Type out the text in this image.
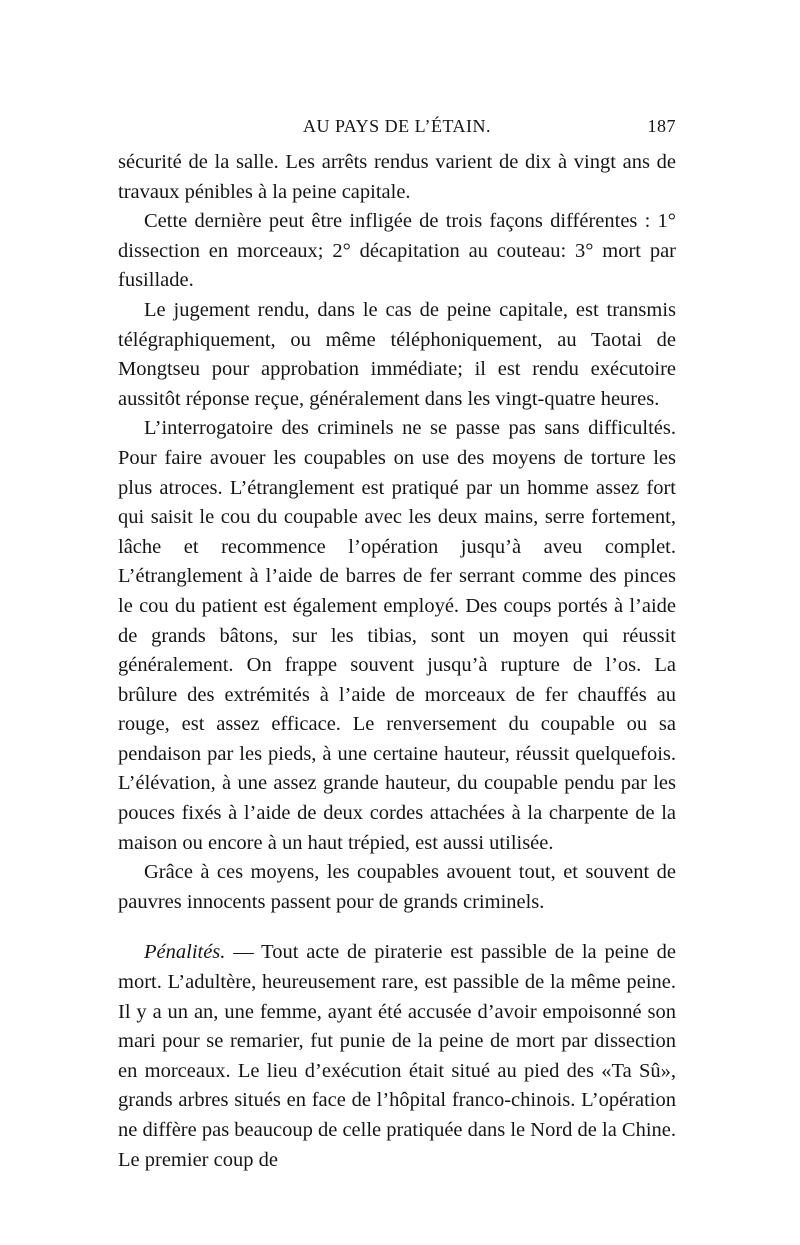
AU PAYS DE L’ÉTAIN.	187

sécurité de la salle. Les arrêts rendus varient de dix à vingt ans de travaux pénibles à la peine capitale.

Cette dernière peut être infligée de trois façons différentes : 1° dissection en morceaux; 2° décapitation au couteau: 3° mort par fusillade.

Le jugement rendu, dans le cas de peine capitale, est transmis télégraphiquement, ou même téléphoniquement, au Taotai de Mongtseu pour approbation immédiate; il est rendu exécutoire aussitôt réponse reçue, généralement dans les vingt-quatre heures.

L’interrogatoire des criminels ne se passe pas sans difficultés. Pour faire avouer les coupables on use des moyens de torture les plus atroces. L’étranglement est pratiqué par un homme assez fort qui saisit le cou du coupable avec les deux mains, serre fortement, lâche et recommence l’opération jusqu’à aveu complet. L’étranglement à l’aide de barres de fer serrant comme des pinces le cou du patient est également employé. Des coups portés à l’aide de grands bâtons, sur les tibias, sont un moyen qui réussit généralement. On frappe souvent jusqu’à rupture de l’os. La brûlure des extrémités à l’aide de morceaux de fer chauffés au rouge, est assez efficace. Le renversement du coupable ou sa pendaison par les pieds, à une certaine hauteur, réussit quelquefois. L’élévation, à une assez grande hauteur, du coupable pendu par les pouces fixés à l’aide de deux cordes attachées à la charpente de la maison ou encore à un haut trépied, est aussi utilisée.

Grâce à ces moyens, les coupables avouent tout, et souvent de pauvres innocents passent pour de grands criminels.

Pénalités. — Tout acte de piraterie est passible de la peine de mort. L’adultère, heureusement rare, est passible de la même peine. Il y a un an, une femme, ayant été accusée d’avoir empoisonné son mari pour se remarier, fut punie de la peine de mort par dissection en morceaux. Le lieu d’exécution était situé au pied des «Ta Sû», grands arbres situés en face de l’hôpital franco-chinois. L’opération ne diffère pas beaucoup de celle pratiquée dans le Nord de la Chine. Le premier coup de
